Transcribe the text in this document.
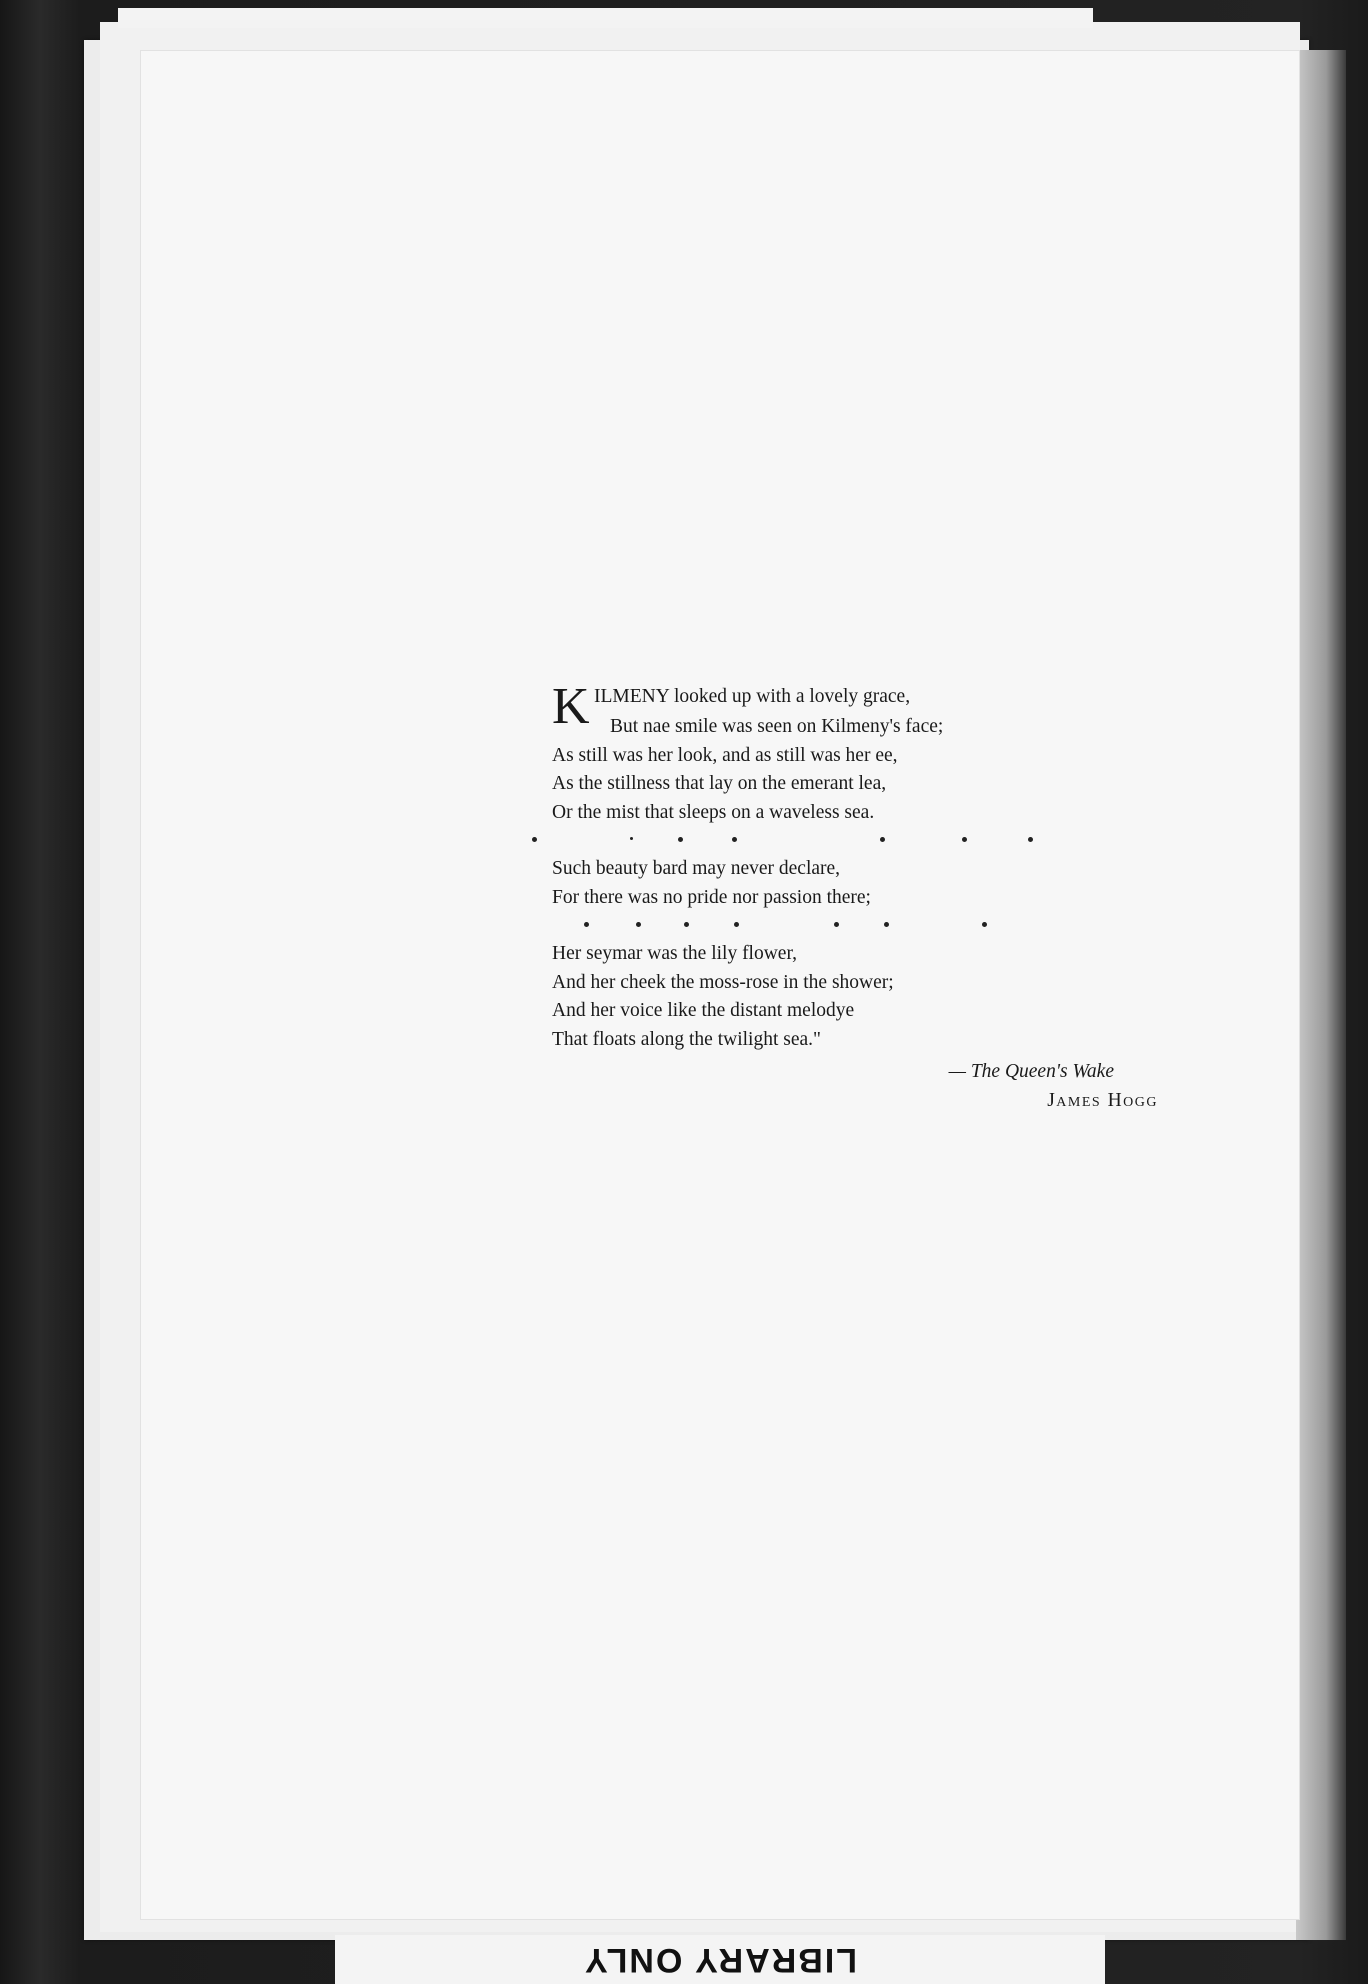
K ILMENY looked up with a lovely grace,
But nae smile was seen on Kilmeny's face;
As still was her look, and as still was her ee,
As the stillness that lay on the emerant lea,
Or the mist that sleeps on a waveless sea.
Such beauty bard may never declare,
For there was no pride nor passion there;
Her seymar was the lily flower,
And her cheek the moss-rose in the shower;
And her voice like the distant melodye
That floats along the twilight sea."
— The Queen's Wake
James Hogg
LIBRARY ONLY
